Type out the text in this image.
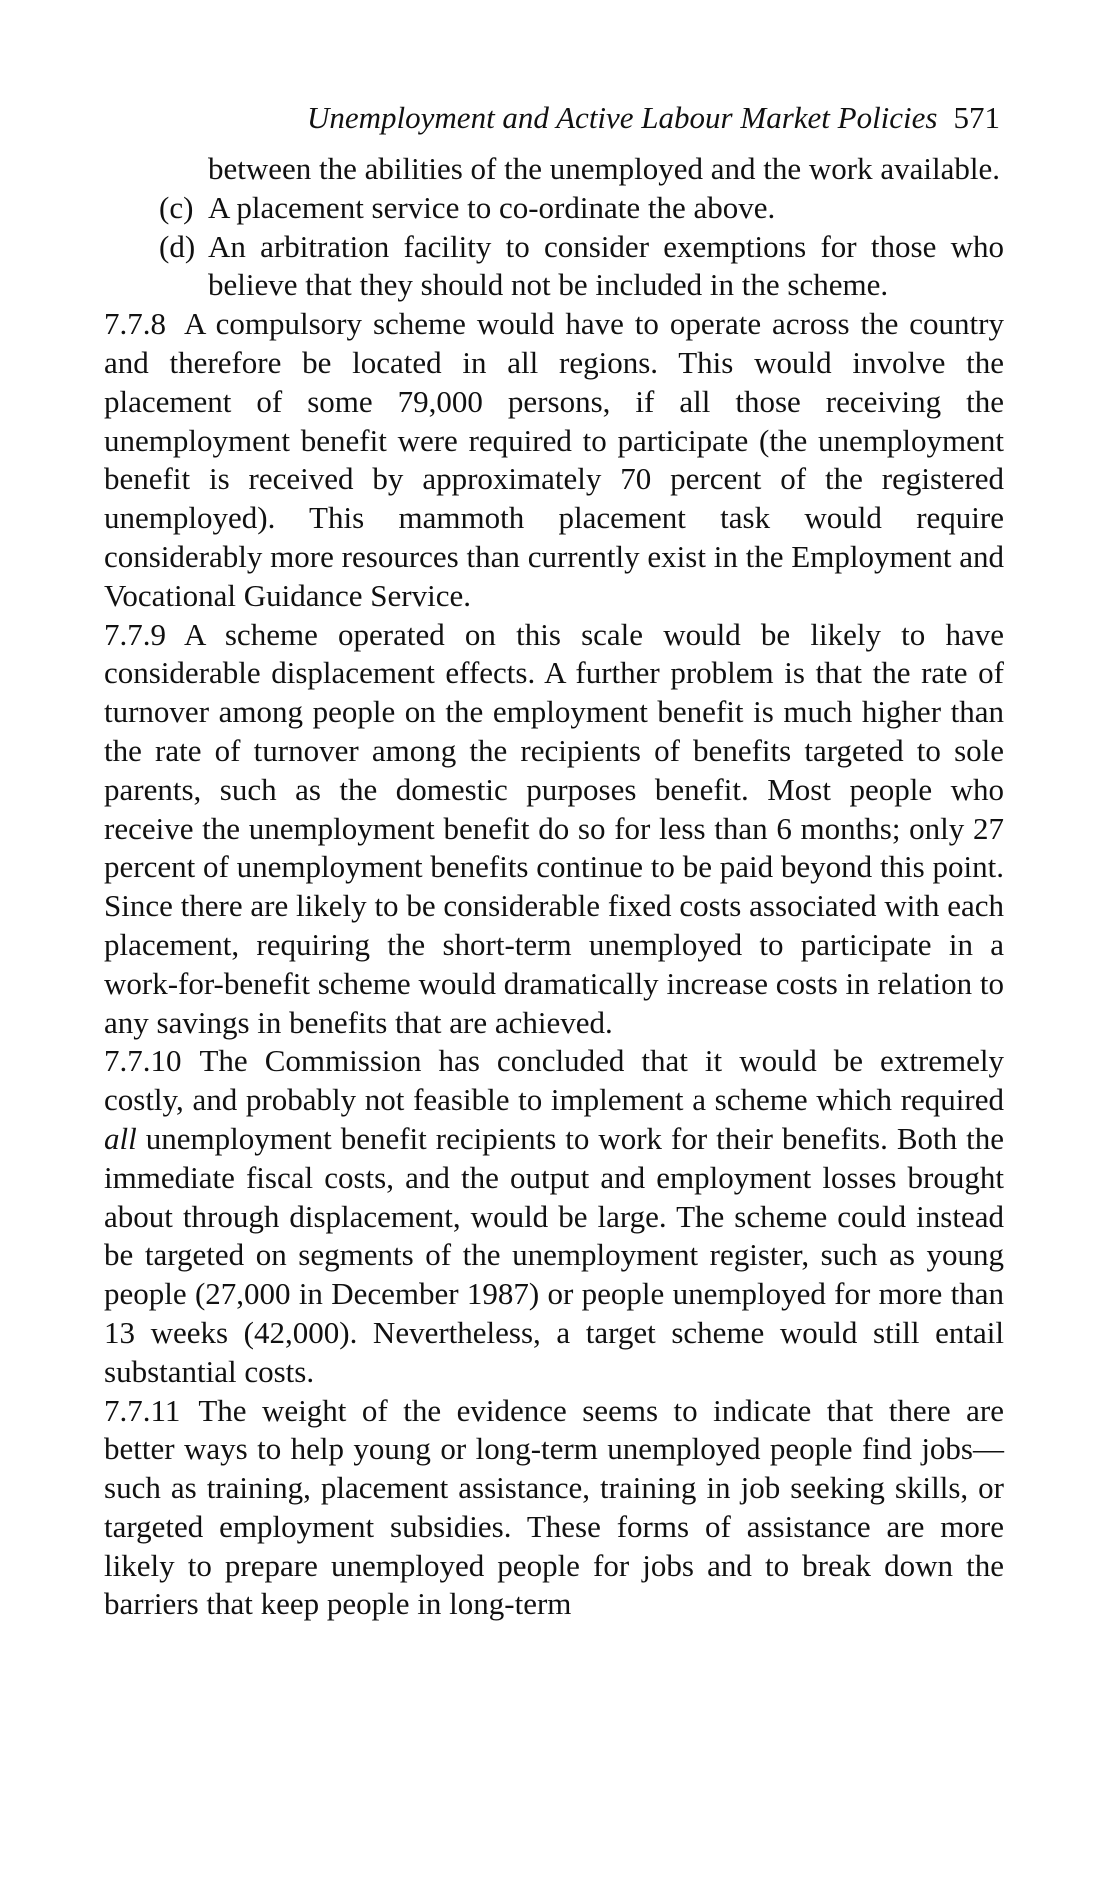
Unemployment and Active Labour Market Policies 571

between the abilities of the unemployed and the work available.

(c) A placement service to co-ordinate the above.

(d) An arbitration facility to consider exemptions for those who believe that they should not be included in the scheme.

7.7.8 A compulsory scheme would have to operate across the country and therefore be located in all regions. This would involve the placement of some 79,000 persons, if all those receiving the unemployment benefit were required to participate (the unemployment benefit is received by approximately 70 percent of the registered unemployed). This mammoth placement task would require considerably more resources than currently exist in the Employment and Vocational Guidance Service.

7.7.9 A scheme operated on this scale would be likely to have considerable displacement effects. A further problem is that the rate of turnover among people on the employment benefit is much higher than the rate of turnover among the recipients of benefits targeted to sole parents, such as the domestic purposes benefit. Most people who receive the unemployment benefit do so for less than 6 months; only 27 percent of unemployment benefits continue to be paid beyond this point. Since there are likely to be considerable fixed costs associated with each placement, requiring the short-term unemployed to participate in a work-for-benefit scheme would dramatically increase costs in relation to any savings in benefits that are achieved.

7.7.10 The Commission has concluded that it would be extremely costly, and probably not feasible to implement a scheme which required all unemployment benefit recipients to work for their benefits. Both the immediate fiscal costs, and the output and employment losses brought about through displacement, would be large. The scheme could instead be targeted on segments of the unemployment register, such as young people (27,000 in December 1987) or people unemployed for more than 13 weeks (42,000). Nevertheless, a target scheme would still entail substantial costs.

7.7.11 The weight of the evidence seems to indicate that there are better ways to help young or long-term unemployed people find jobs—such as training, placement assistance, training in job seeking skills, or targeted employment subsidies. These forms of assistance are more likely to prepare unemployed people for jobs and to break down the barriers that keep people in long-term
